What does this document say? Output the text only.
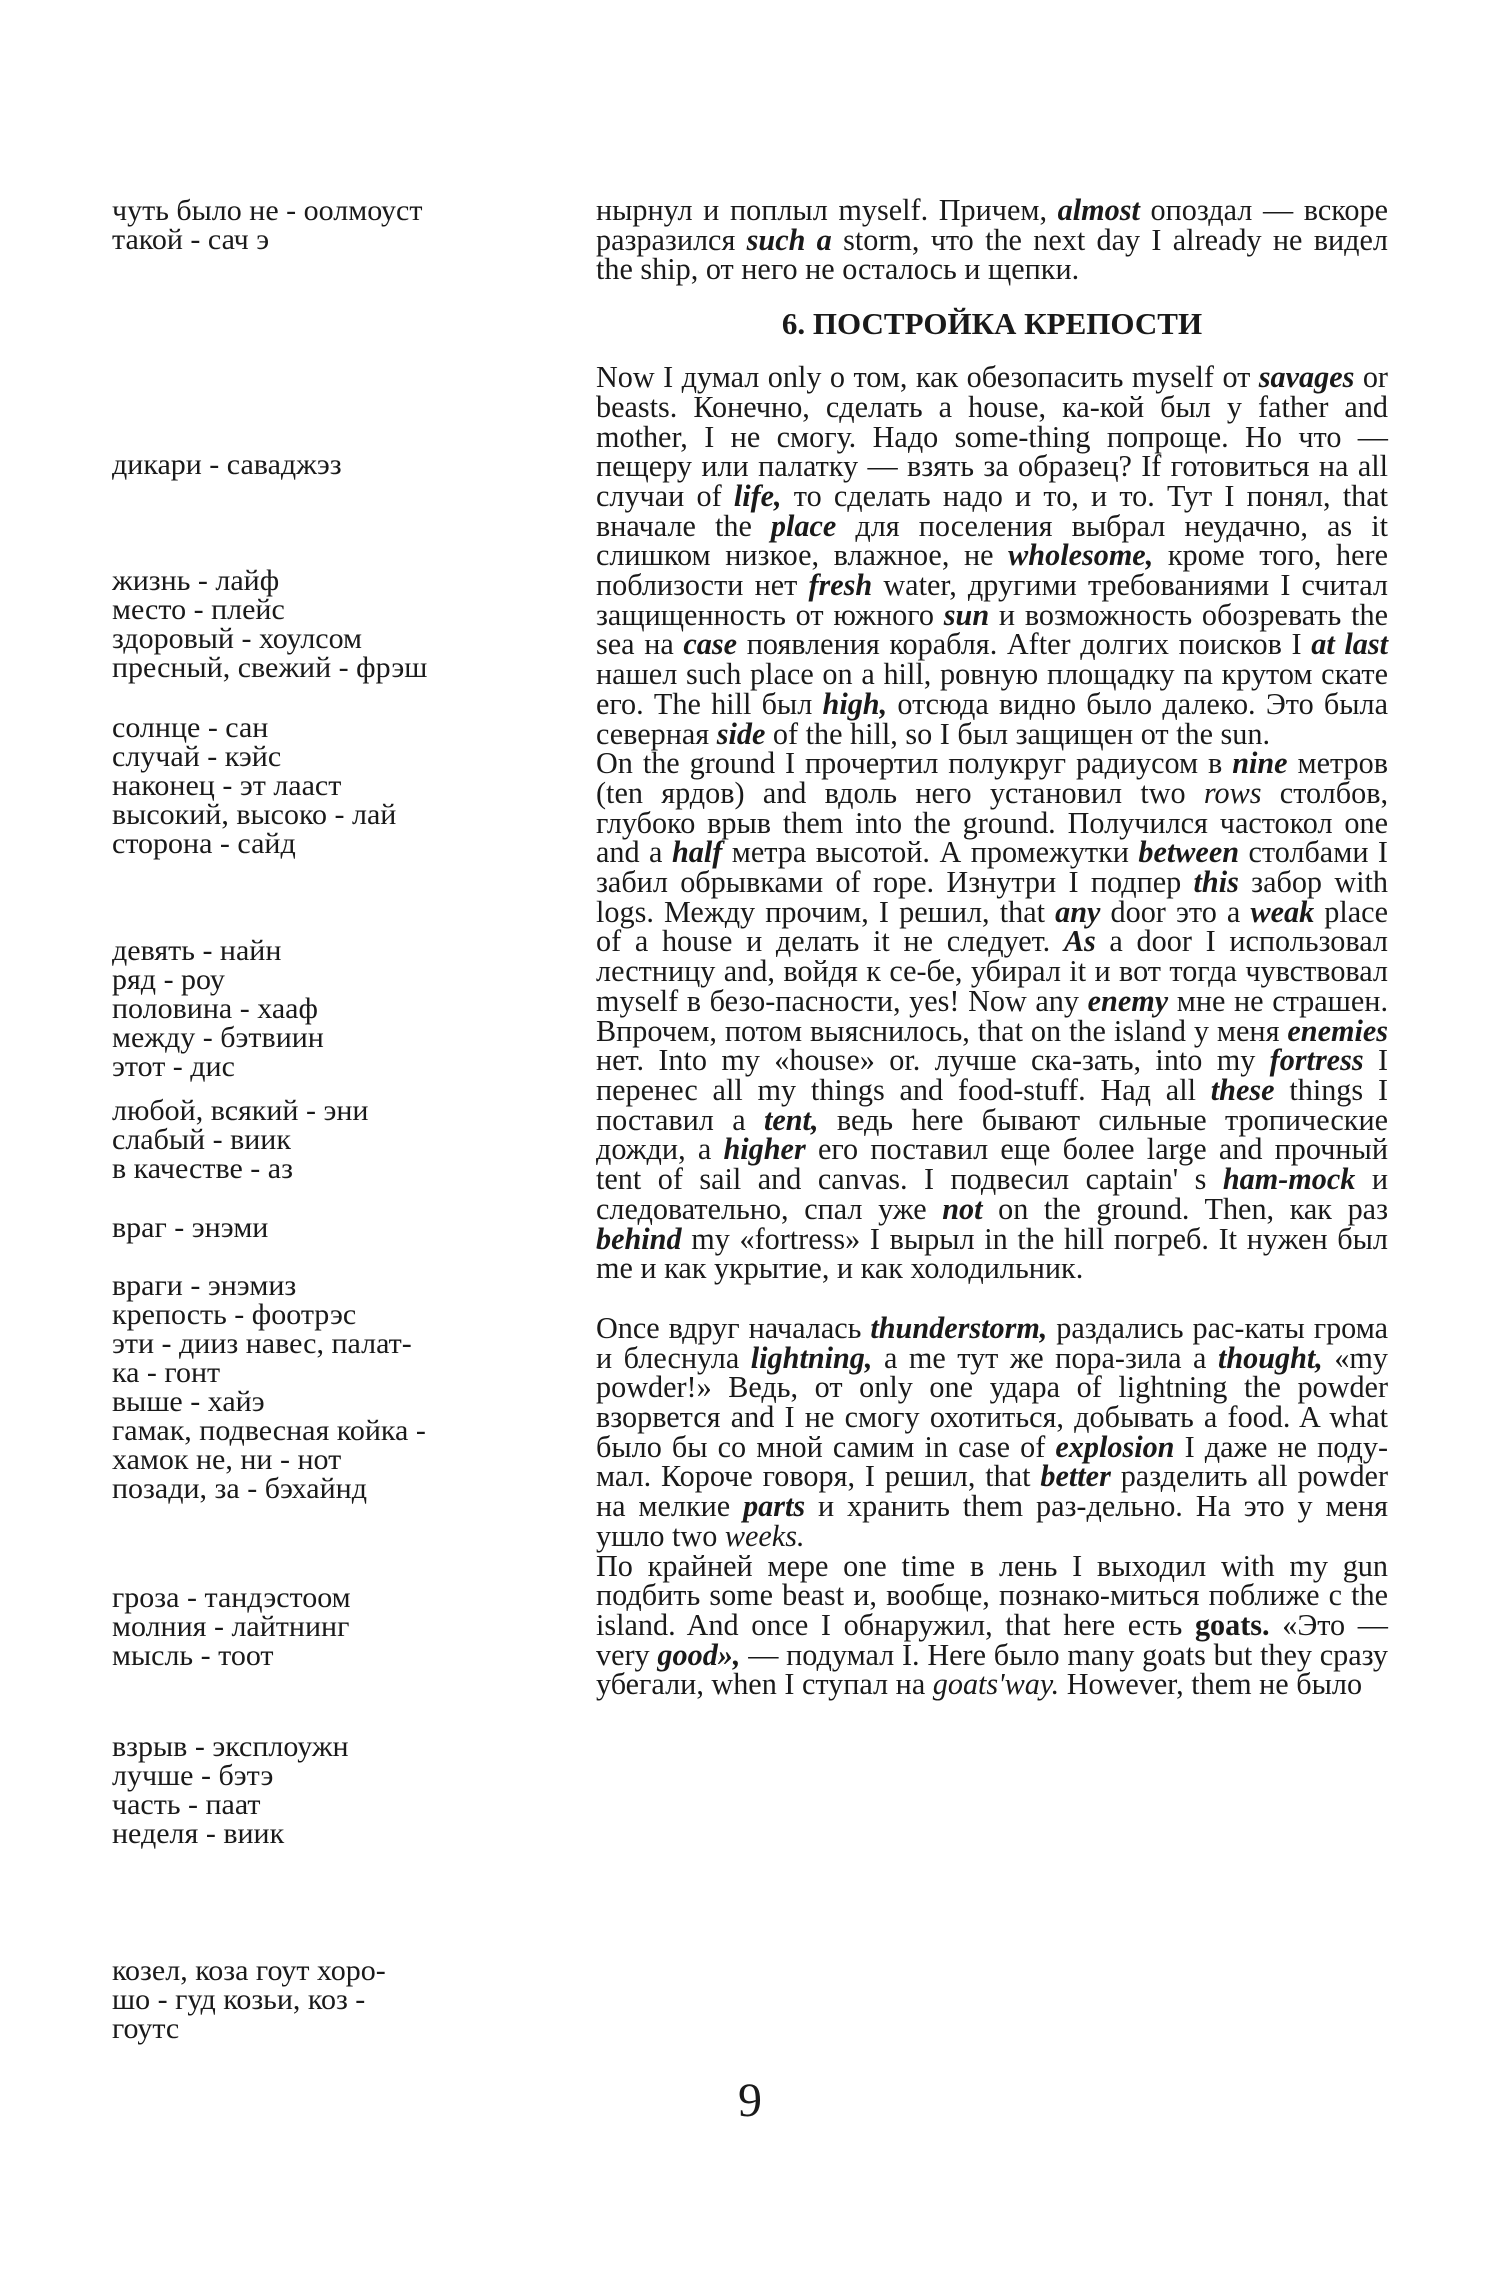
чуть было не - оолмоуст
такой - сач э
дикари - саваджэз
жизнь - лайф
место - плейс
здоровый - хоулсом
пресный, свежий - фрэш
солнце - сан
случай - кэйс
наконец - эт лааст
высокий, высоко - лай
сторона - сайд
девять - найн
ряд - роу
половина - хааф
между - бэтвиин
этот - дис
любой, всякий - эни
слабый - виик
в качестве - аз
враг - энэми
враги - энэмиз
крепость - фоотрэс
эти - дииз навес, палат-
ка - гонт
выше - хайэ
гамак, подвесная койка -
хамок не, ни - нот
позади, за - бэхайнд
гроза - тандэстоом
молния - лайтнинг
мысль - тоот
взрыв - эксплоужн
лучше - бэтэ
часть - паат
неделя - виик
козел, коза гоут хоро-
шо - гуд козьи, коз -
гоутс

нырнул и поплыл myself. Причем, almost опоздал — вскоре разразился such a storm, что the next day I already не видел the ship, от него не осталось и щепки.

6. ПОСТРОЙКА КРЕПОСТИ

Now I думал only о том, как обезопасить myself от savages or beasts. Конечно, сделать a house, ка-кой был у father and mother, I не смогу. Надо some-thing попроще. Но что — пещеру или палатку — взять за образец? If готовиться на all случаи of life, то сделать надо и то, и то. Тут I понял, that вначале the place для поселения выбрал неудачно, as it слишком низкое, влажное, не wholesome, кроме того, here поблизости нет fresh water, другими требованиями I считал защищенность от южного sun и возможность обозревать the sea на case появления корабля. After долгих поисков I at last нашел such place on a hill, ровную площадку па крутом скате его. The hill был high, отсюда видно было далеко. Это была северная side of the hill, so I был защищен от the sun.

On the ground I прочертил полукруг радиусом в nine метров (ten ярдов) and вдоль него установил two rows столбов, глубоко врыв them into the ground. Получился частокол one and a half метра высотой. А промежутки between столбами I забил обрывками of rope. Изнутри I подпер this забор with logs. Между прочим, I решил, that any door это a weak place of a house и делать it не следует. As a door I использовал лестницу and, войдя к се-бе, убирал it и вот тогда чувствовал myself в безо-пасности, yes! Now any enemy мне не страшен. Впрочем, потом выяснилось, that on the island у меня enemies нет. Into my «house» or. лучше ска-зать, into my fortress I перенес all my things and food-stuff. Над all these things I поставил a tent, ведь here бывают сильные тропические дожди, а higher его поставил еще более large and прочный tent of sail and canvas. I подвесил captain' s ham-mock и следовательно, спал уже not on the ground. Then, как раз behind my «fortress» I вырыл in the hill погреб. It нужен был me и как укрытие, и как холодильник.

Once вдруг началась thunderstorm, раздались рас-каты грома и блеснула lightning, a me тут же пора-зила a thought, «my powder!» Ведь, от only one удара of lightning the powder взорвется and I не смогу охотиться, добывать a food. A what было бы со мной самим in case of explosion I даже не поду-мал. Короче говоря, I решил, that better разделить all powder на мелкие parts и хранить them раз-дельно. На это у меня ушло two weeks.

По крайней мере one time в лень I выходил with my gun подбить some beast и, вообще, познако-миться поближе с the island. And once I обнаружил, that here есть goats. «Это — very good», — подумал I. Here было many goats but they сразу убегали, when I ступал на goats'way. However, them не было

9
